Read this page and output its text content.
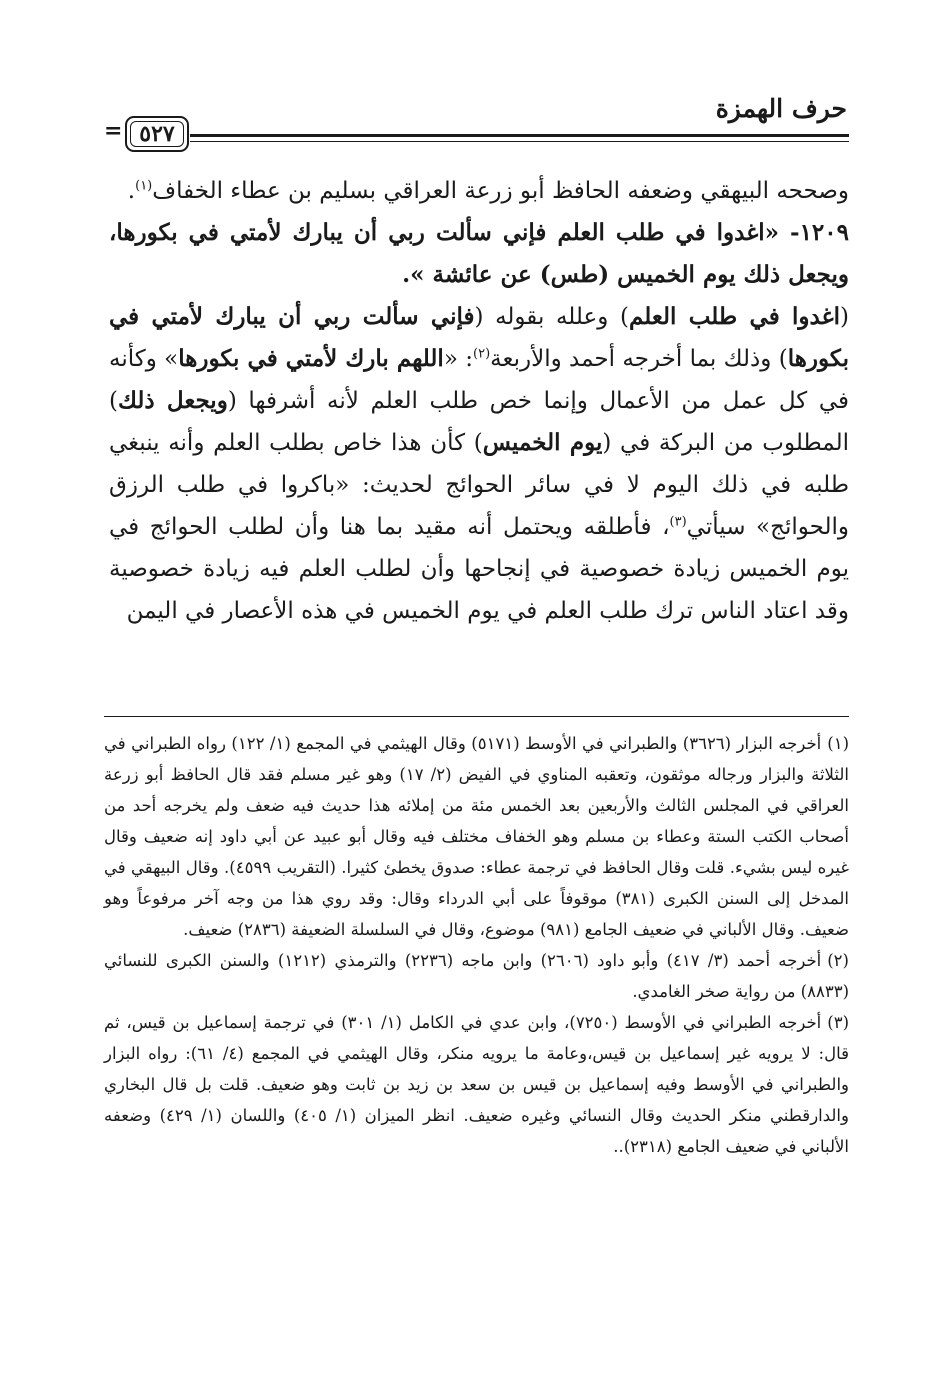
حرف الهمزة
٥٢٧
=

وصححه البيهقي وضعفه الحافظ أبو زرعة العراقي بسليم بن عطاء الخفاف$^{(١)}$.

١٢٠٩- «اغدوا في طلب العلم فإني سألت ربي أن يبارك لأمتي في بكورها، ويجعل ذلك يوم الخميس (طس) عن عائشة ».

(اغدوا في طلب العلم) وعلله بقوله (فإني سألت ربي أن يبارك لأمتي في بكورها) وذلك بما أخرجه أحمد والأربعة$^{(٢)}$: «اللهم بارك لأمتي في بكورها» وكأنه في كل عمل من الأعمال وإنما خص طلب العلم لأنه أشرفها (ويجعل ذلك) المطلوب من البركة في (يوم الخميس) كأن هذا خاص بطلب العلم وأنه ينبغي طلبه في ذلك اليوم لا في سائر الحوائج لحديث: «باكروا في طلب الرزق والحوائج» سيأتي$^{(٣)}$، فأطلقه ويحتمل أنه مقيد بما هنا وأن لطلب الحوائج في يوم الخميس زيادة خصوصية في إنجاحها وأن لطلب العلم فيه زيادة خصوصية وقد اعتاد الناس ترك طلب العلم في يوم الخميس في هذه الأعصار في اليمن

(١)أخرجه البزار (٣٦٢٦) والطبراني في الأوسط (٥١٧١) وقال الهيثمي في المجمع (١/ ١٢٢) رواه الطبراني في الثلاثة والبزار ورجاله موثقون، وتعقبه المناوي في الفيض (٢/ ١٧) وهو غير مسلم فقد قال الحافظ أبو زرعة العراقي في المجلس الثالث والأربعين بعد الخمس مئة من إملائه هذا حديث فيه ضعف ولم يخرجه أحد من أصحاب الكتب الستة وعطاء بن مسلم وهو الخفاف مختلف فيه وقال أبو عبيد عن أبي داود إنه ضعيف وقال غيره ليس بشيء. قلت وقال الحافظ في ترجمة عطاء: صدوق يخطئ كثيرا. (التقريب ٤٥٩٩). وقال البيهقي في المدخل إلى السنن الكبرى (٣٨١) موقوفاً على أبي الدرداء وقال: وقد روي هذا من وجه آخر مرفوعاً وهو ضعيف. وقال الألباني في ضعيف الجامع (٩٨١) موضوع، وقال في السلسلة الضعيفة (٢٨٣٦) ضعيف.

(٢)أخرجه أحمد (٣/ ٤١٧) وأبو داود (٢٦٠٦) وابن ماجه (٢٢٣٦) والترمذي (١٢١٢) والسنن الكبرى للنسائي (٨٨٣٣) من رواية صخر الغامدي.

(٣)أخرجه الطبراني في الأوسط (٧٢٥٠)، وابن عدي في الكامل (١/ ٣٠١) في ترجمة إسماعيل بن قيس، ثم قال: لا يرويه غير إسماعيل بن قيس،وعامة ما يرويه منكر، وقال الهيثمي في المجمع (٤/ ٦١): رواه البزار والطبراني في الأوسط وفيه إسماعيل بن قيس بن سعد بن زيد بن ثابت وهو ضعيف. قلت بل قال البخاري والدارقطني منكر الحديث وقال النسائي وغيره ضعيف. انظر الميزان (١/ ٤٠٥) واللسان (١/ ٤٢٩) وضعفه الألباني في ضعيف الجامع (٢٣١٨)..
